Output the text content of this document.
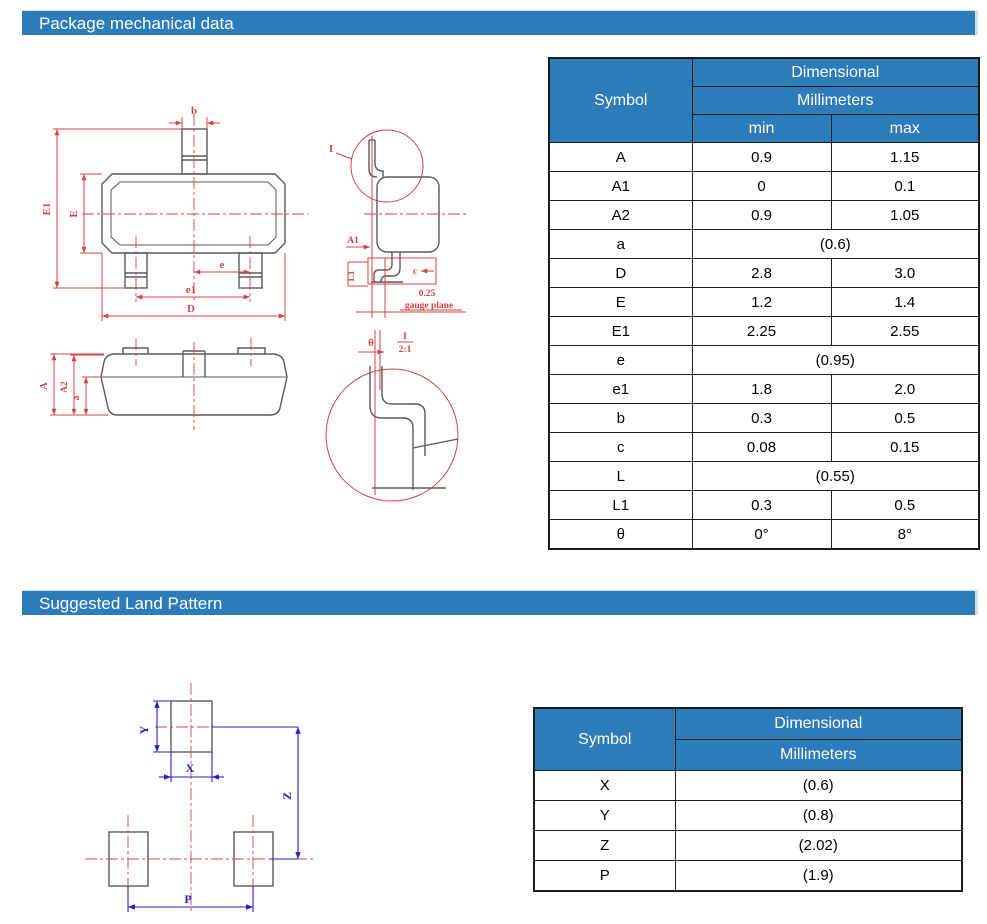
Package mechanical data
b
E1 E
e
e1
D
I
A1
L1	c
0.25
gauge plane
A A2
a
θ	I
2:1
Symbol	Dimensional	
	Millimeters	
	min	max
A	0.9	1.15
A1	0	0.1
A2	0.9	1.05
a	(0.6)	
D	2.8	3.0
E	1.2	1.4
E1	2.25	2.55
e	(0.95)	
e1	1.8	2.0
b	0.3	0.5
c	0.08	0.15
L	(0.55)	
L1	0.3	0.5
θ	0°	8°
Suggested Land Pattern
Y
X
Z
P
Symbol	Dimensional
	Millimeters
X	(0.6)
Y	(0.8)
Z	(2.02)
P	(1.9)
